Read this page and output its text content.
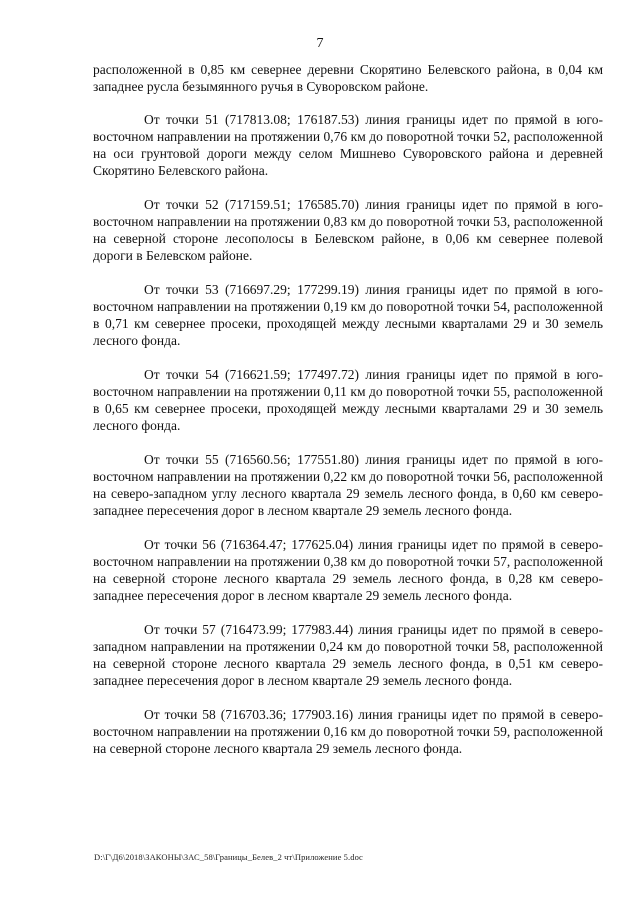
7

расположенной в 0,85 км севернее деревни Скорятино Белевского района, в 0,04 км западнее русла безымянного ручья в Суворовском районе.

От точки 51 (717813.08; 176187.53) линия границы идет по прямой в юго-восточном направлении на протяжении 0,76 км до поворотной точки 52, расположенной на оси грунтовой дороги между селом Мишнево Суворовского района и деревней Скорятино Белевского района.

От точки 52 (717159.51; 176585.70) линия границы идет по прямой в юго-восточном направлении на протяжении 0,83 км до поворотной точки 53, расположенной на северной стороне лесополосы в Белевском районе, в 0,06 км севернее полевой дороги в Белевском районе.

От точки 53 (716697.29; 177299.19) линия границы идет по прямой в юго-восточном направлении на протяжении 0,19 км до поворотной точки 54, расположенной в 0,71 км севернее просеки, проходящей между лесными кварталами 29 и 30 земель лесного фонда.

От точки 54 (716621.59; 177497.72) линия границы идет по прямой в юго-восточном направлении на протяжении 0,11 км до поворотной точки 55, расположенной в 0,65 км севернее просеки, проходящей между лесными кварталами 29 и 30 земель лесного фонда.

От точки 55 (716560.56; 177551.80) линия границы идет по прямой в юго-восточном направлении на протяжении 0,22 км до поворотной точки 56, расположенной на северо-западном углу лесного квартала 29 земель лесного фонда, в 0,60 км северо-западнее пересечения дорог в лесном квартале 29 земель лесного фонда.

От точки 56 (716364.47; 177625.04) линия границы идет по прямой в северо-восточном направлении на протяжении 0,38 км до поворотной точки 57, расположенной на северной стороне лесного квартала 29 земель лесного фонда, в 0,28 км северо-западнее пересечения дорог в лесном квартале 29 земель лесного фонда.

От точки 57 (716473.99; 177983.44) линия границы идет по прямой в северо-западном направлении на протяжении 0,24 км до поворотной точки 58, расположенной на северной стороне лесного квартала 29 земель лесного фонда, в 0,51 км северо-западнее пересечения дорог в лесном квартале 29 земель лесного фонда.

От точки 58 (716703.36; 177903.16) линия границы идет по прямой в северо-восточном направлении на протяжении 0,16 км до поворотной точки 59, расположенной на северной стороне лесного квартала 29 земель лесного фонда.

D:\Г\Д6\2018\ЗАКОНЫ\ЗАС_58\Границы_Белев_2 чт\Приложение 5.doc
